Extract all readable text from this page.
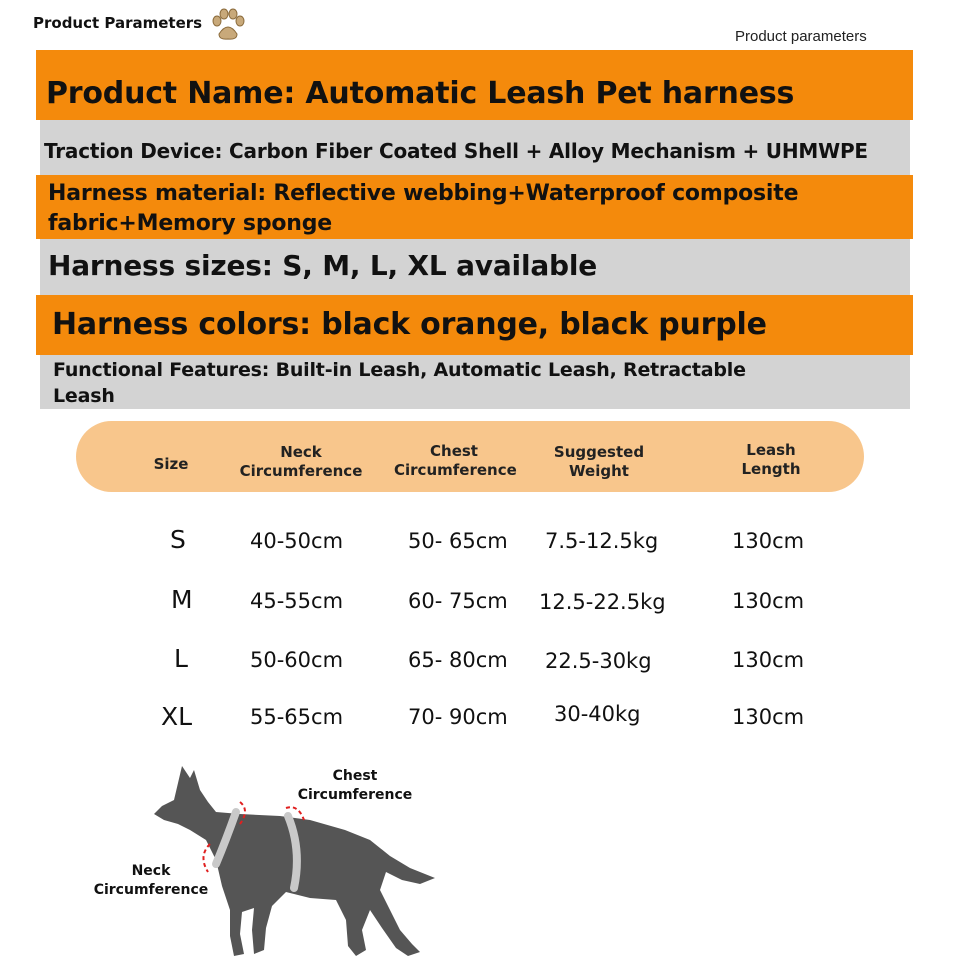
Product Parameters
Product parameters
Product Name: Automatic Leash Pet harness
Traction Device: Carbon Fiber Coated Shell + Alloy Mechanism + UHMWPE
Harness material: Reflective webbing+Waterproof composite fabric+Memory sponge
Harness sizes: S, M, L, XL available
Harness colors: black orange, black purple
Functional Features: Built-in Leash, Automatic Leash, Retractable Leash
Size
Neck Circumference
Chest Circumference
Suggested Weight
Leash Length
S	40-50cm	50- 65cm 7.5-12.5kg	130cm
M	45-55cm	60- 75cm 12.5-22.5kg	130cm
L	50-60cm	65- 80cm 22.5-30kg	130cm
XL	55-65cm	70- 90cm 30-40kg	130cm
Chest Circumference
Neck Circumference
